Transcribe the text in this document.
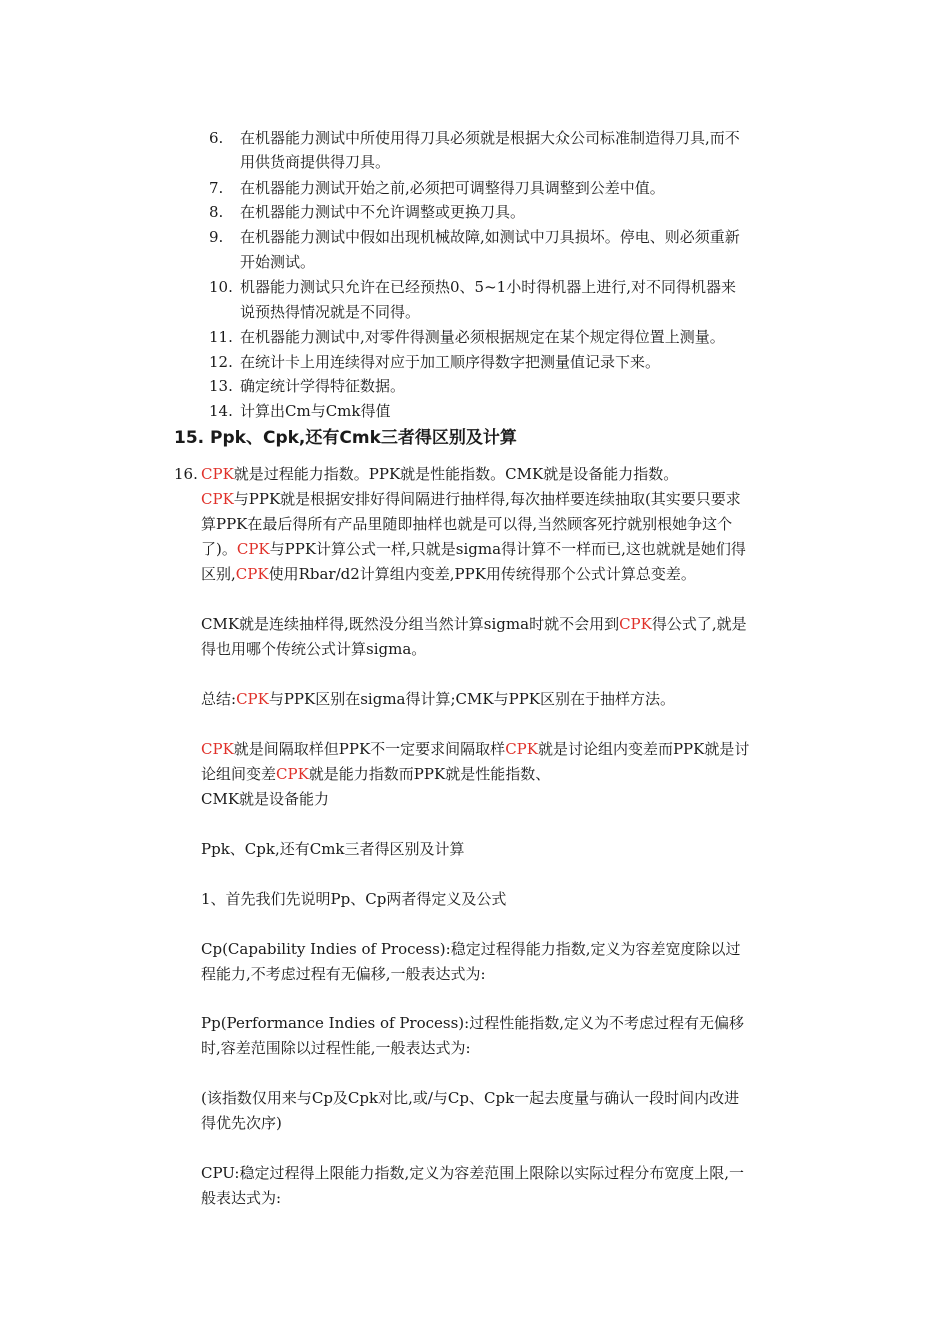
6. 在机器能力测试中所使用得刀具必须就是根据大众公司标准制造得刀具,而不
用供货商提供得刀具。
7. 在机器能力测试开始之前,必须把可调整得刀具调整到公差中值。
8. 在机器能力测试中不允许调整或更换刀具。
9. 在机器能力测试中假如出现机械故障,如测试中刀具损坏。停电、则必须重新
开始测试。
10. 机器能力测试只允许在已经预热0、5~1小时得机器上进行,对不同得机器来
说预热得情况就是不同得。
11. 在机器能力测试中,对零件得测量必须根据规定在某个规定得位置上测量。
12. 在统计卡上用连续得对应于加工顺序得数字把测量值记录下来。
13. 确定统计学得特征数据。
14. 计算出Cm与Cmk得值
15. Ppk、Cpk,还有Cmk三者得区别及计算
16. CPK就是过程能力指数。PPK就是性能指数。CMK就是设备能力指数。
CPK与PPK就是根据安排好得间隔进行抽样得,每次抽样要连续抽取(其实要只要求
算PPK在最后得所有产品里随即抽样也就是可以得,当然顾客死拧就别根她争这个
了)。CPK与PPK计算公式一样,只就是sigma得计算不一样而已,这也就就是她们得
区别,CPK使用Rbar/d2计算组内变差,PPK用传统得那个公式计算总变差。
CMK就是连续抽样得,既然没分组当然计算sigma时就不会用到CPK得公式了,就是
得也用哪个传统公式计算sigma。
总结:CPK与PPK区别在sigma得计算;CMK与PPK区别在于抽样方法。
CPK就是间隔取样但PPK不一定要求间隔取样CPK就是讨论组内变差而PPK就是讨
论组间变差CPK就是能力指数而PPK就是性能指数、
CMK就是设备能力
Ppk、Cpk,还有Cmk三者得区别及计算
1、首先我们先说明Pp、Cp两者得定义及公式
Cp(Capability Indies of Process):稳定过程得能力指数,定义为容差宽度除以过
程能力,不考虑过程有无偏移,一般表达式为:
Pp(Performance Indies of Process):过程性能指数,定义为不考虑过程有无偏移
时,容差范围除以过程性能,一般表达式为:
(该指数仅用来与Cp及Cpk对比,或/与Cp、Cpk一起去度量与确认一段时间内改进
得优先次序)
CPU:稳定过程得上限能力指数,定义为容差范围上限除以实际过程分布宽度上限,一
般表达式为:
